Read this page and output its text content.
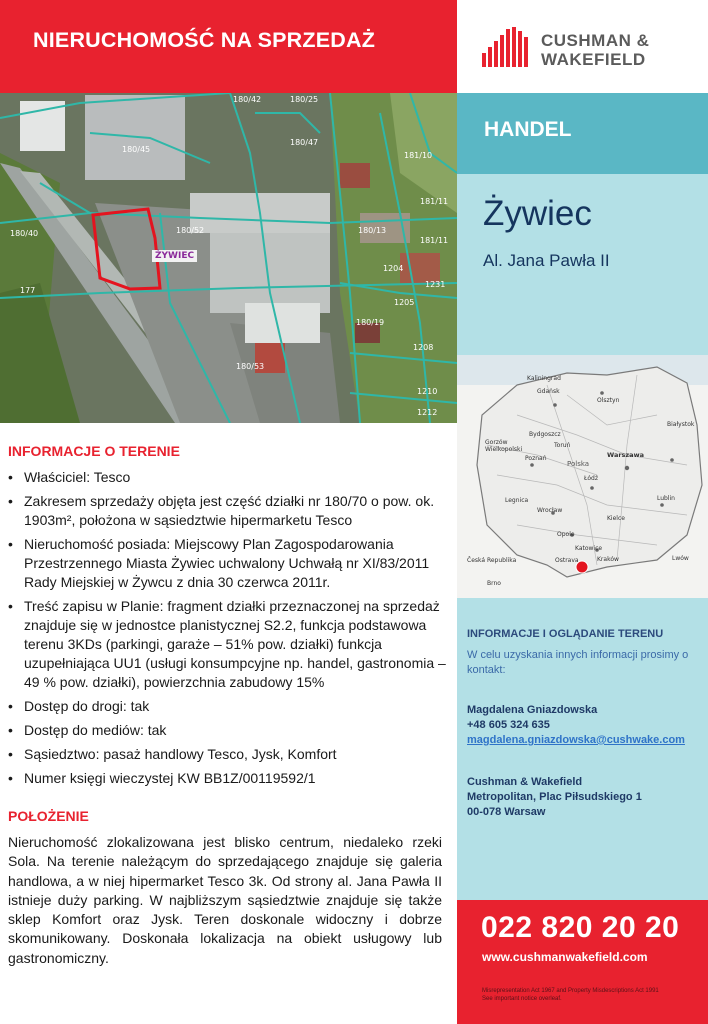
NIERUCHOMOŚĆ NA SPRZEDAŻ	CUSHMAN &
WAKEFIELD
180/42	180/25
180/47
181/10
180/45
181/11
180/40	180/52	180/13
181/11
1204
1231
177
1205
180/19
1208
180/53
1210
1212
ŻYWIEC
HANDEL
Żywiec
Al. Jana Pawła II
Kaliningrad
Gdańsk
Olsztyn
Białystok
Bydgoszcz
Toruń
Gorzów Wielkopolski
Poznań	Warszawa
Polska
Łódź
Legnica
Wrocław
Kielce
Lublin
Opole
Katowice
Kraków
Ostrava
Česká Republika
Brno
Lwów
INFORMACJE I OGLĄDANIE TERENU
W celu uzyskania innych informacji prosimy o kontakt:
Magdalena Gniazdowska
+48 605 324 635
magdalena.gniazdowska@cushwake.com
Cushman & Wakefield
Metropolitan, Plac Piłsudskiego 1
00-078 Warsaw
022 820 20 20
www.cushmanwakefield.com
Misrepresentation Act 1967 and Property Misdescriptions Act 1991
See important notice overleaf.
INFORMACJE O TERENIE
• Właściciel: Tesco
• Zakresem sprzedaży objęta jest część działki nr 180/70 o pow. ok. 1903m², położona w sąsiedztwie hipermarketu Tesco
• Nieruchomość posiada: Miejscowy Plan Zagospodarowania Przestrzennego Miasta Żywiec uchwalony Uchwałą nr XI/83/2011 Rady Miejskiej w Żywcu z dnia 30 czerwca 2011r.
• Treść zapisu w Planie: fragment działki przeznaczonej na sprzedaż znajduje się w jednostce planistycznej S2.2, funkcja podstawowa terenu 3KDs (parkingi, garaże – 51% pow. działki) funkcja uzupełniająca UU1 (usługi konsumpcyjne np. handel, gastronomia – 49 % pow. działki), powierzchnia zabudowy 15%
• Dostęp do drogi: tak
• Dostęp do mediów: tak
• Sąsiedztwo: pasaż handlowy Tesco, Jysk, Komfort
• Numer księgi wieczystej KW BB1Z/00119592/1
POŁOŻENIE
Nieruchomość zlokalizowana jest blisko centrum, niedaleko rzeki Sola. Na terenie należącym do sprzedającego znajduje się galeria handlowa, a w niej hipermarket Tesco 3k. Od strony al. Jana Pawła II istnieje duży parking. W najbliższym sąsiedztwie znajduje się także sklep Komfort oraz Jysk. Teren doskonale widoczny i dobrze skomunikowany. Doskonała lokalizacja na obiekt usługowy lub gastronomiczny.
